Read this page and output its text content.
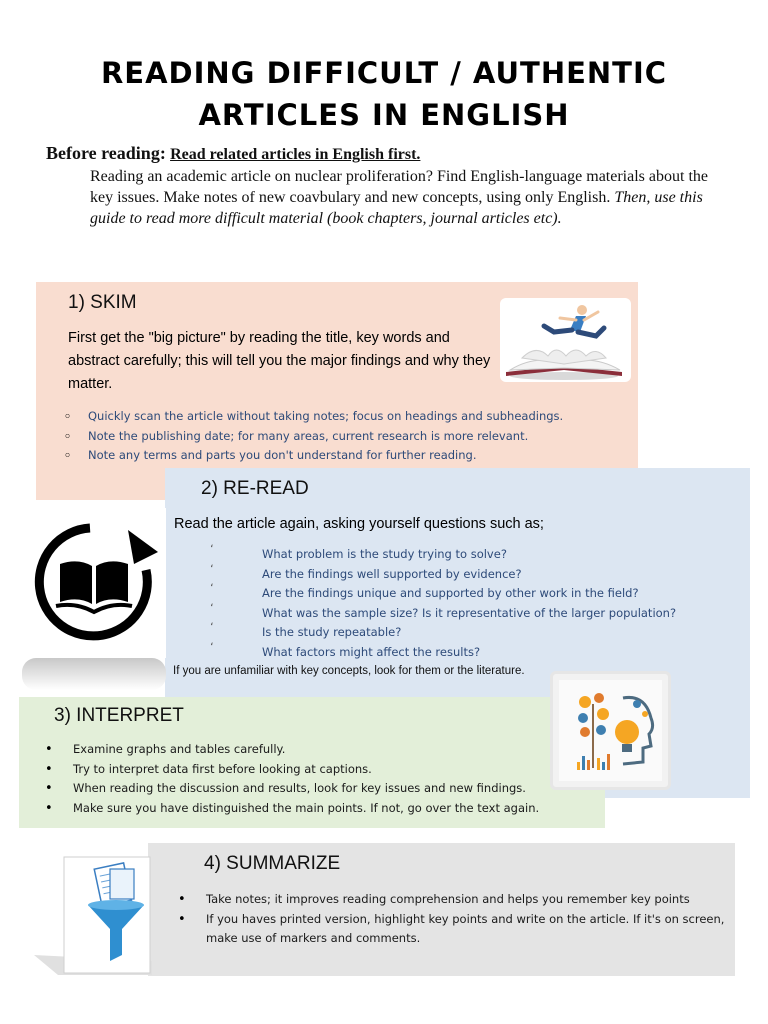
READING DIFFICULT / AUTHENTIC
ARTICLES IN ENGLISH
Before reading: Read related articles in English first.
Reading an academic article on nuclear proliferation? Find English-language materials about the key issues. Make notes of new coavbulary and new concepts, using only English. Then, use this guide to read more difficult material (book chapters, journal articles etc).
1) SKIM
First get the "big picture" by reading the title, key words and abstract carefully; this will tell you the major findings and why they matter.
◦ Quickly scan the article without taking notes; focus on headings and subheadings.
◦ Note the publishing date; for many areas, current research is more relevant.
◦ Note any terms and parts you don't understand for further reading.
2) RE-READ
Read the article again, asking yourself questions such as;
, What problem is the study trying to solve?
, Are the findings well supported by evidence?
, Are the findings unique and supported by other work in the field?
, What was the sample size? Is it representative of the larger population?
, Is the study repeatable?
, What factors might affect the results?
If you are unfamiliar with key concepts, look for them or the literature.
3) INTERPRET
• Examine graphs and tables carefully.
• Try to interpret data first before looking at captions.
• When reading the discussion and results, look for key issues and new findings.
• Make sure you have distinguished the main points. If not, go over the text again.
4) SUMMARIZE
• Take notes; it improves reading comprehension and helps you remember key points
• If you haves printed version, highlight key points and write on the article. If it's on screen, make use of markers and comments.
